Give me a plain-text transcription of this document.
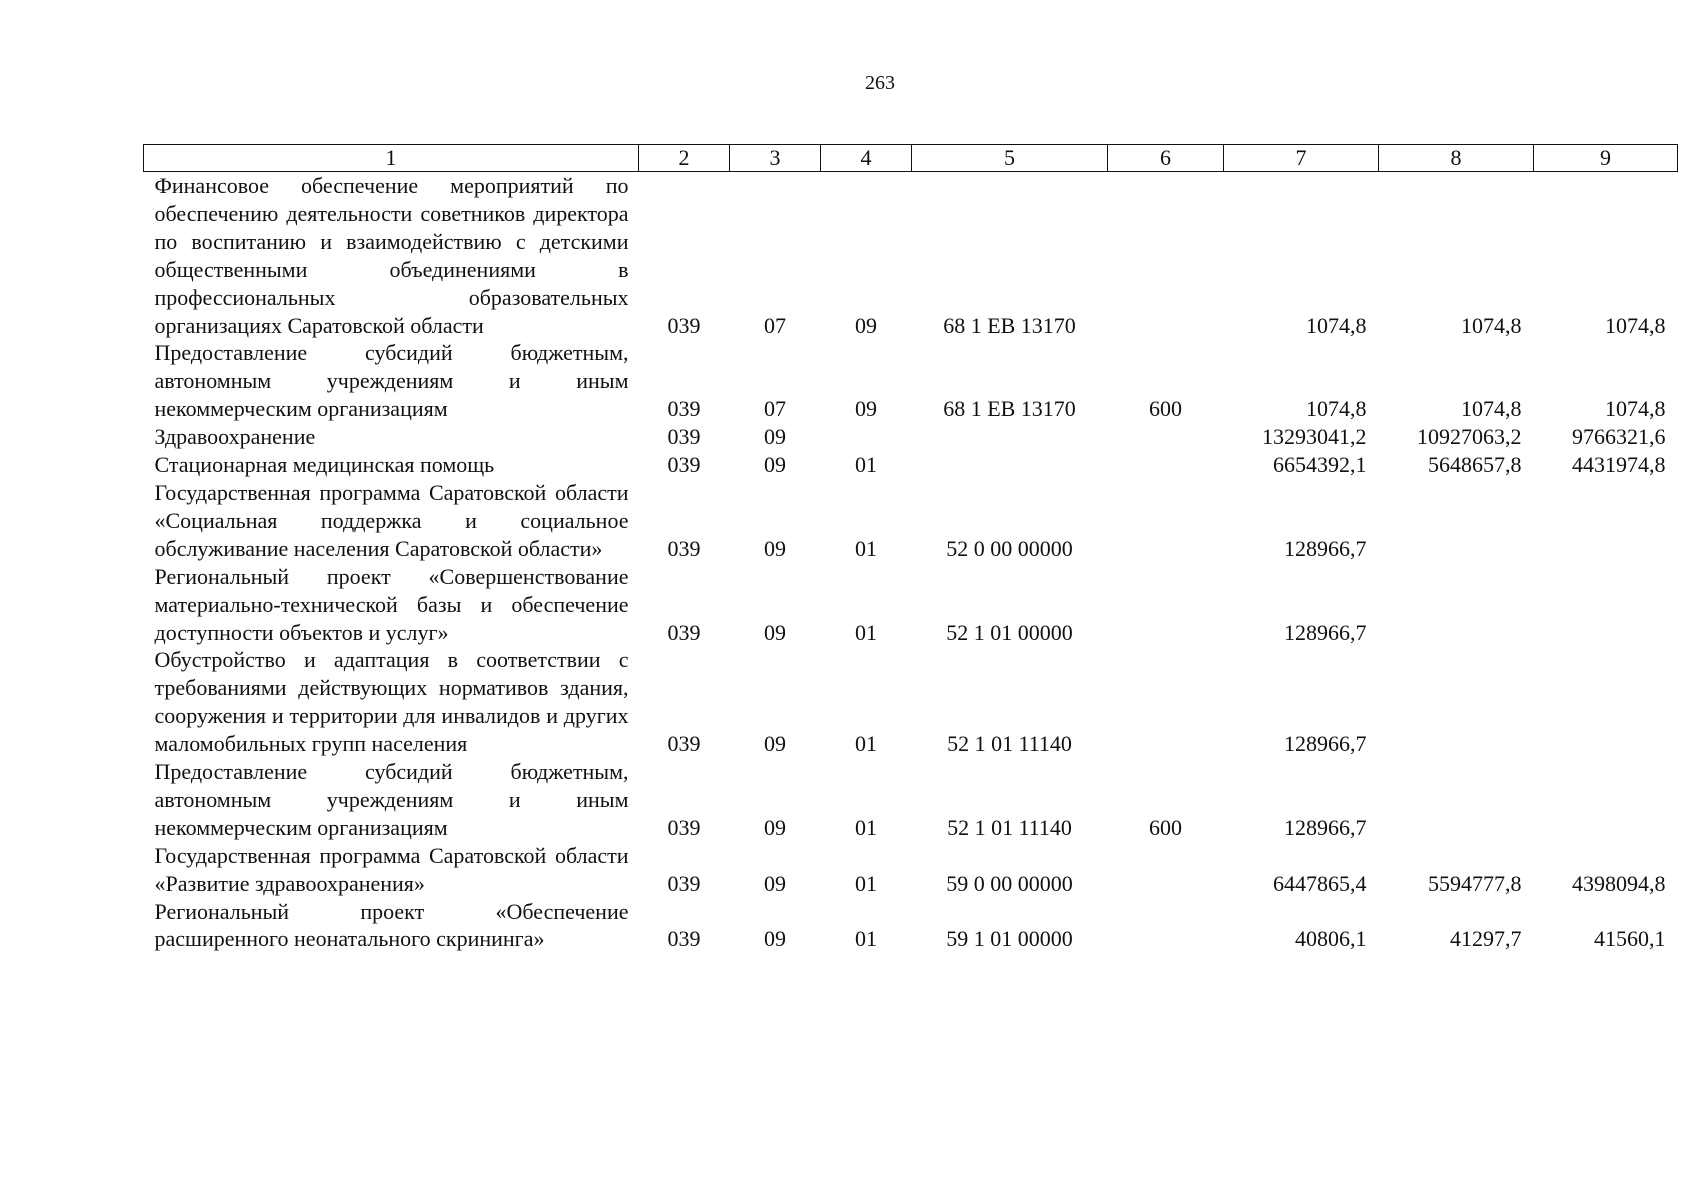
263
1	2	3	4	5	6	7	8	9
Финансовое обеспечение мероприятий по обеспечению деятельности советников директора по воспитанию и взаимодействию с детскими общественными объединениями в профессиональных образовательных организациях Саратовской области	039	07	09	68 1 EB 13170		1074,8	1074,8	1074,8
Предоставление субсидий бюджетным, автономным учреждениям и иным некоммерческим организациям	039	07	09	68 1 EB 13170	600	1074,8	1074,8	1074,8
Здравоохранение	039	09				13293041,2	10927063,2	9766321,6
Стационарная медицинская помощь	039	09	01			6654392,1	5648657,8	4431974,8
Государственная программа Саратовской области «Социальная поддержка и социальное обслуживание населения Саратовской области»	039	09	01	52 0 00 00000		128966,7		
Региональный проект «Совершенствование материально-технической базы и обеспечение доступности объектов и услуг»	039	09	01	52 1 01 00000		128966,7		
Обустройство и адаптация в соответствии с требованиями действующих нормативов здания, сооружения и территории для инвалидов и других маломобильных групп населения	039	09	01	52 1 01 11140		128966,7		
Предоставление субсидий бюджетным, автономным учреждениям и иным некоммерческим организациям	039	09	01	52 1 01 11140	600	128966,7		
Государственная программа Саратовской области «Развитие здравоохранения»	039	09	01	59 0 00 00000		6447865,4	5594777,8	4398094,8
Региональный проект «Обеспечение расширенного неонатального скрининга»	039	09	01	59 1 01 00000		40806,1	41297,7	41560,1
